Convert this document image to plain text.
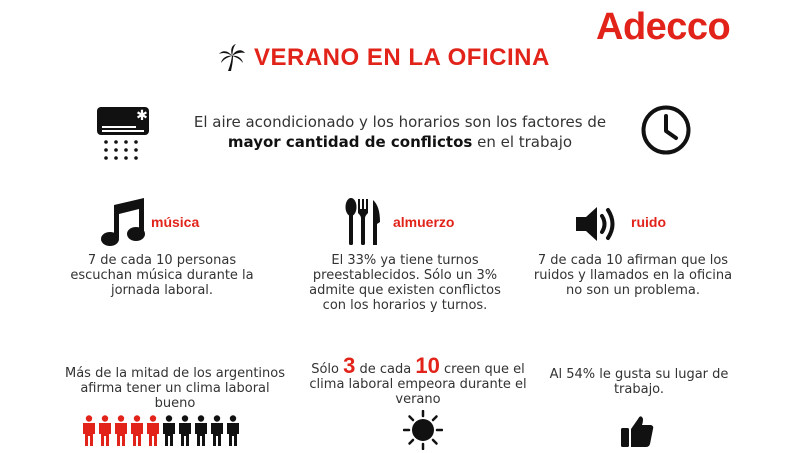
Adecco
VERANO EN LA OFICINA
✱	El aire acondicionado y los horarios son los factores de mayor cantidad de conflictos en el trabajo
música
7 de cada 10 personas escuchan música durante la jornada laboral.
almuerzo
El 33% ya tiene turnos preestablecidos. Sólo un 3% admite que existen conflictos con los horarios y turnos.
ruido
7 de cada 10 afirman que los ruidos y llamados en la oficina no son un problema.
Más de la mitad de los argentinos afirma tener un clima laboral bueno
Sólo 3 de cada 10 creen que el clima laboral empeora durante el verano
Al 54% le gusta su lugar de trabajo.
